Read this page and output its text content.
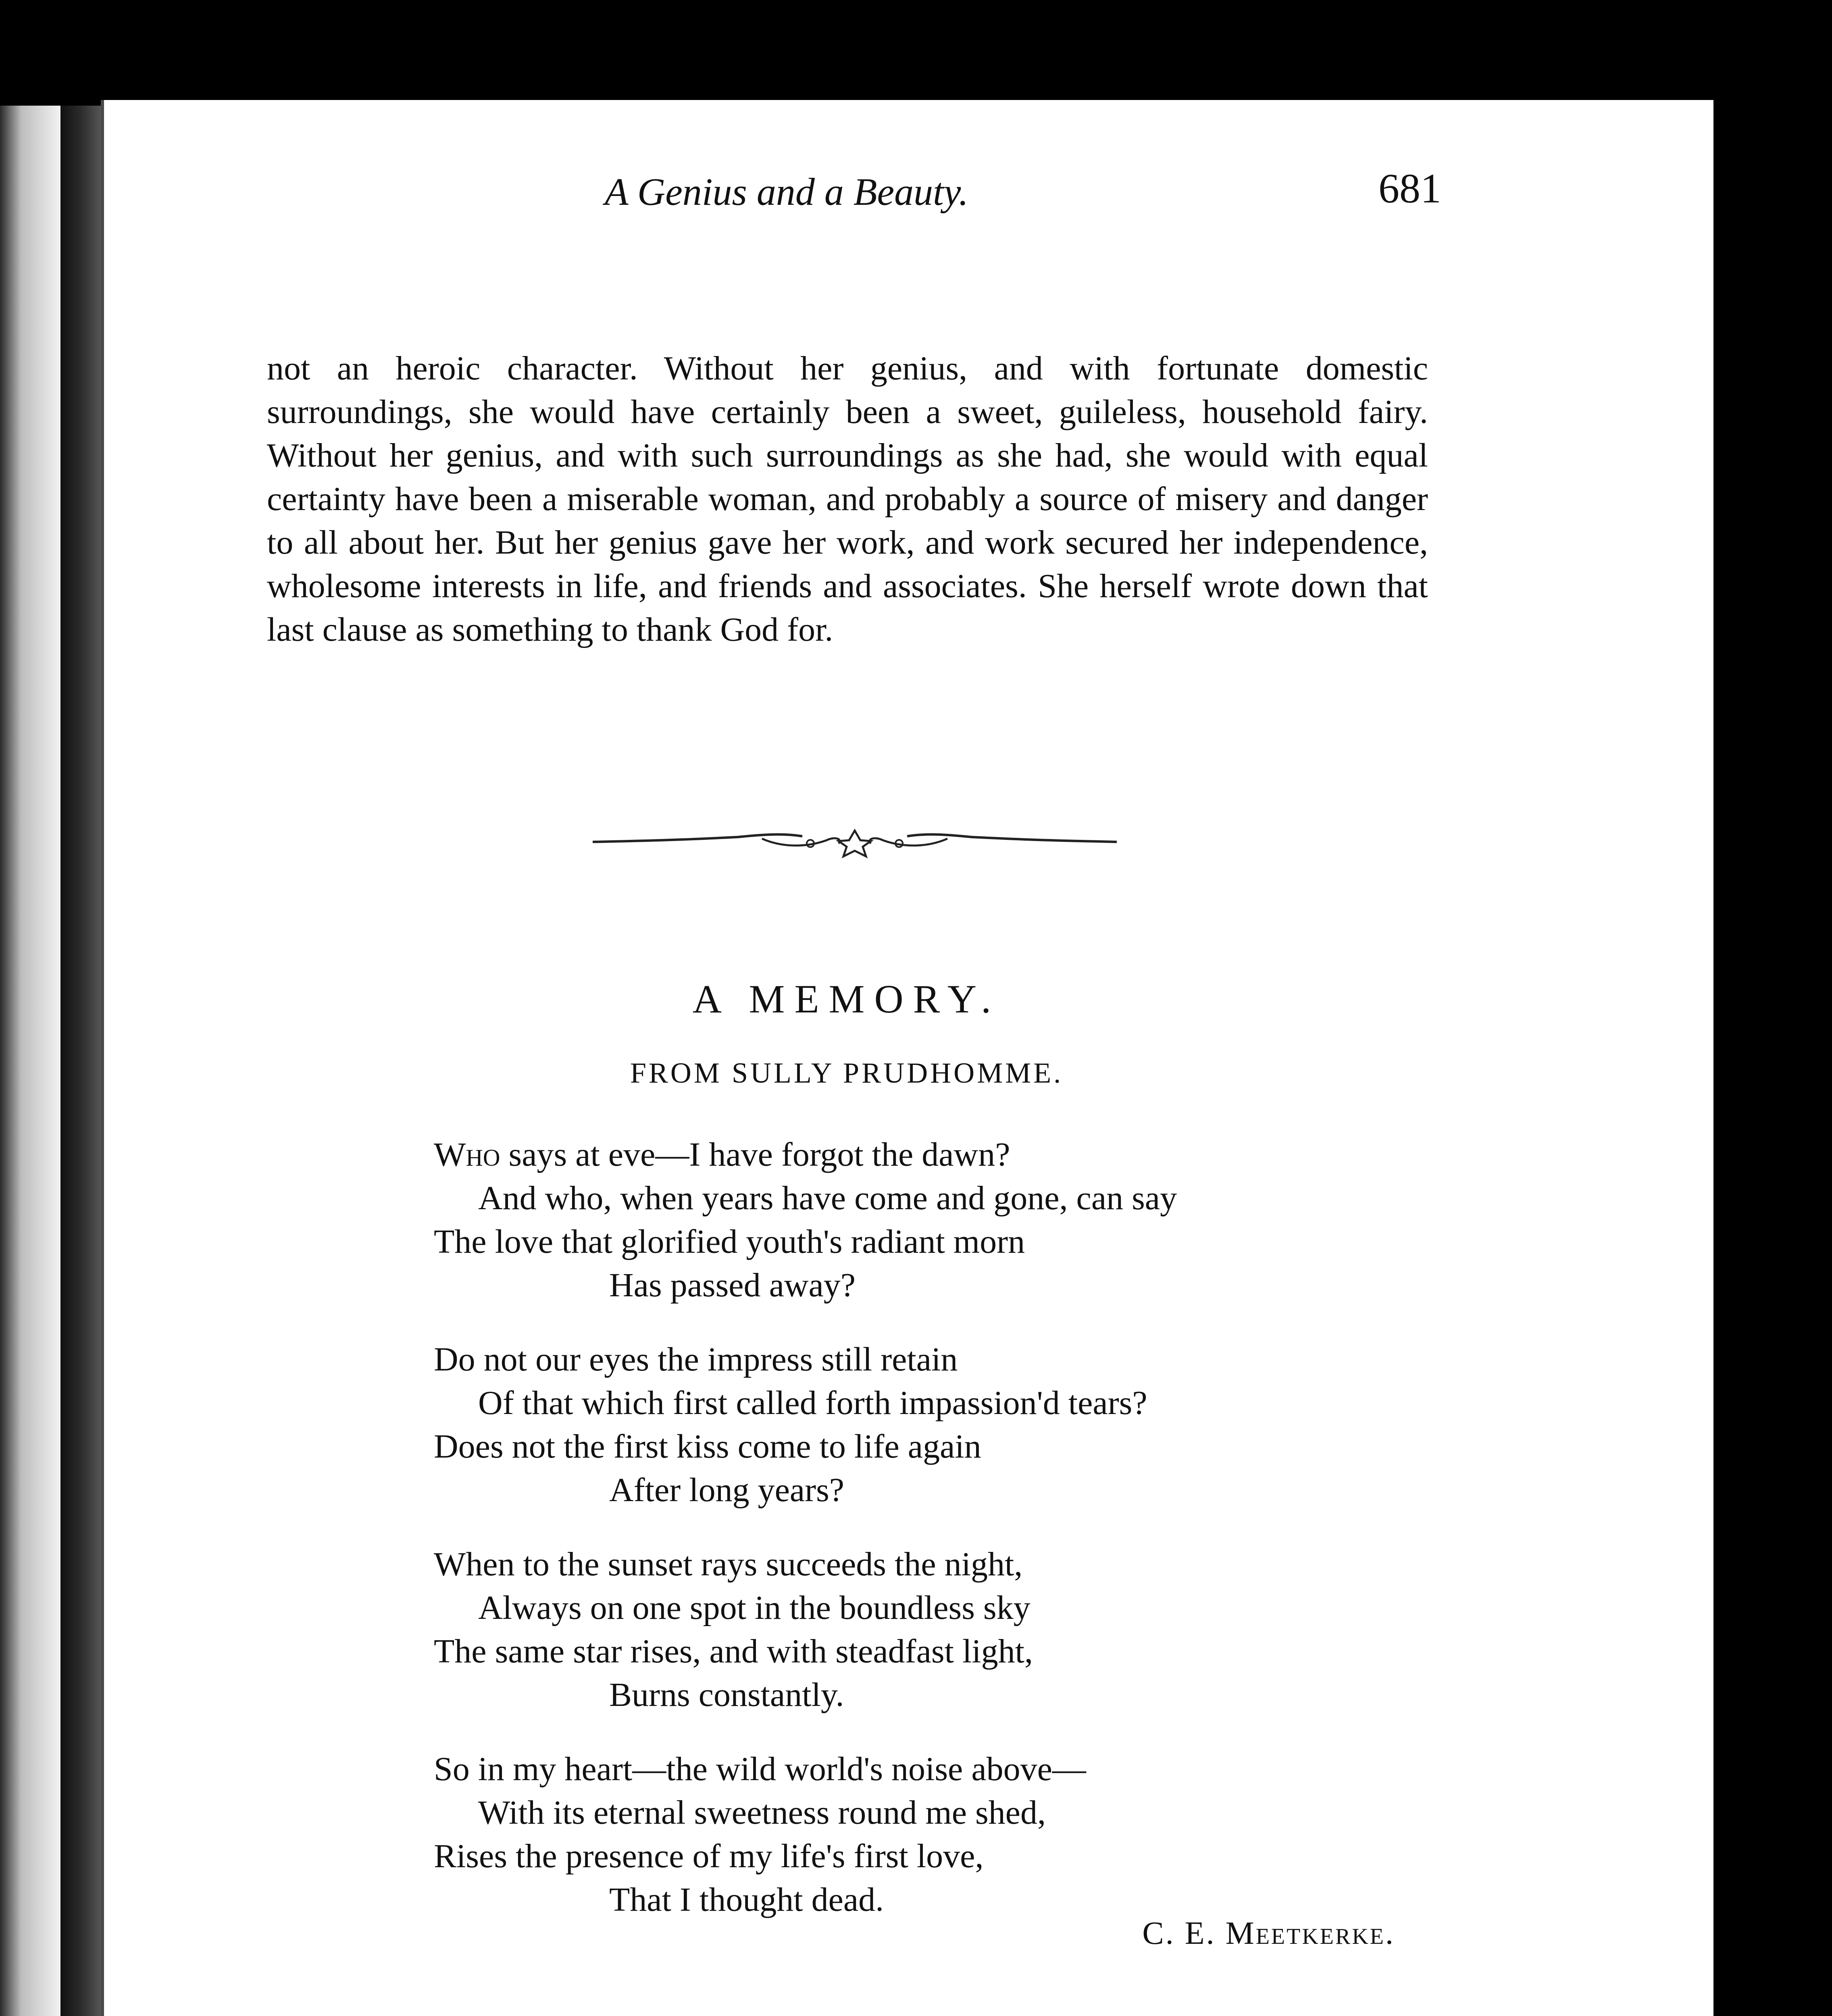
A Genius and a Beauty.	681

not an heroic character. Without her genius, and with fortunate domestic surroundings, she would have certainly been a sweet, guileless, household fairy. Without her genius, and with such surroundings as she had, she would with equal certainty have been a miserable woman, and probably a source of misery and danger to all about her. But her genius gave her work, and work secured her independence, wholesome interests in life, and friends and associates. She herself wrote down that last clause as something to thank God for.

A MEMORY.
FROM SULLY PRUDHOMME.
Who says at eve—I have forgot the dawn?
And who, when years have come and gone, can say
The love that glorified youth's radiant morn
Has passed away?
Do not our eyes the impress still retain
Of that which first called forth impassion'd tears?
Does not the first kiss come to life again
After long years?
When to the sunset rays succeeds the night,
Always on one spot in the boundless sky
The same star rises, and with steadfast light,
Burns constantly.
So in my heart—the wild world's noise above—
With its eternal sweetness round me shed,
Rises the presence of my life's first love,
That I thought dead.
C. E. Meetkerke.
